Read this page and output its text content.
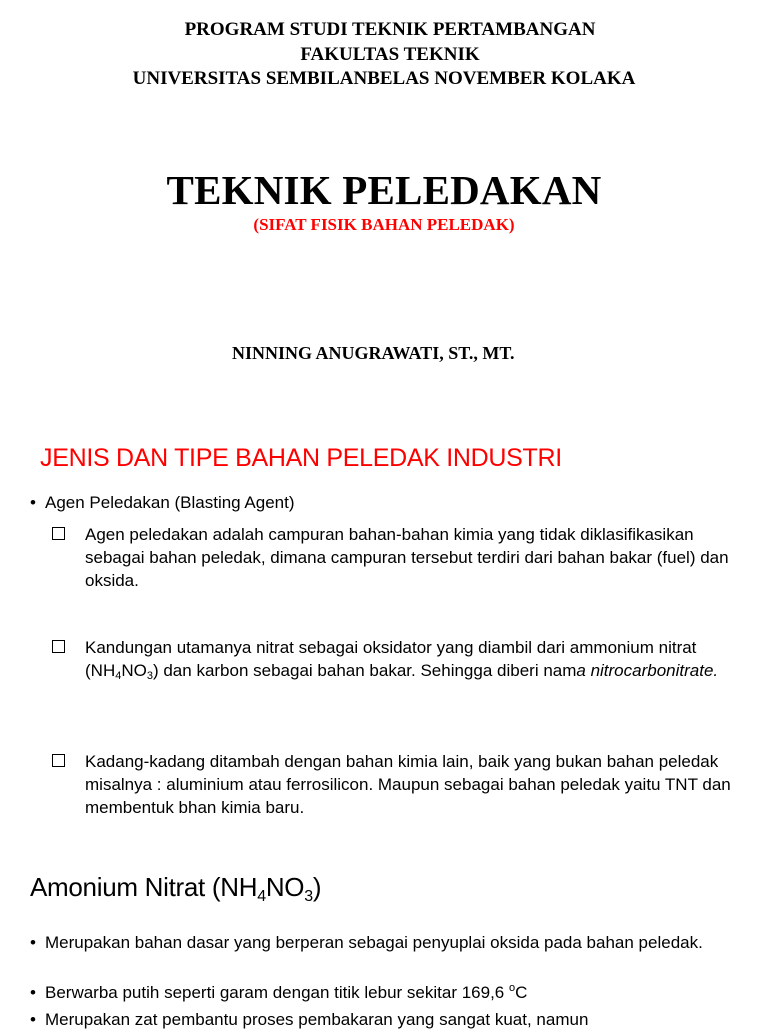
PROGRAM STUDI TEKNIK PERTAMBANGAN
FAKULTAS TEKNIK
UNIVERSITAS SEMBILANBELAS NOVEMBER KOLAKA
TEKNIK PELEDAKAN
(SIFAT FISIK BAHAN PELEDAK)
NINNING ANUGRAWATI, ST., MT.
JENIS DAN TIPE BAHAN PELEDAK INDUSTRI
• Agen Peledakan (Blasting Agent)
Agen peledakan adalah campuran bahan-bahan kimia yang tidak diklasifikasikan sebagai bahan peledak, dimana campuran tersebut terdiri dari bahan bakar (fuel) dan oksida.
Kandungan utamanya nitrat sebagai oksidator yang diambil dari ammonium nitrat $(NH_4NO_3)$ dan karbon sebagai bahan bakar. Sehingga diberi nama nitrocarbonitrate.
Kadang-kadang ditambah dengan bahan kimia lain, baik yang bukan bahan peledak misalnya : aluminium atau ferrosilicon. Maupun sebagai bahan peledak yaitu TNT dan membentuk bhan kimia baru.
Amonium Nitrat $(NH_4NO_3)$
• Merupakan bahan dasar yang berperan sebagai penyuplai oksida pada bahan peledak.
• Berwarba putih seperti garam dengan titik lebur sekitar 169,6 $^o$C
• Merupakan zat pembantu proses pembakaran yang sangat kuat, namun
